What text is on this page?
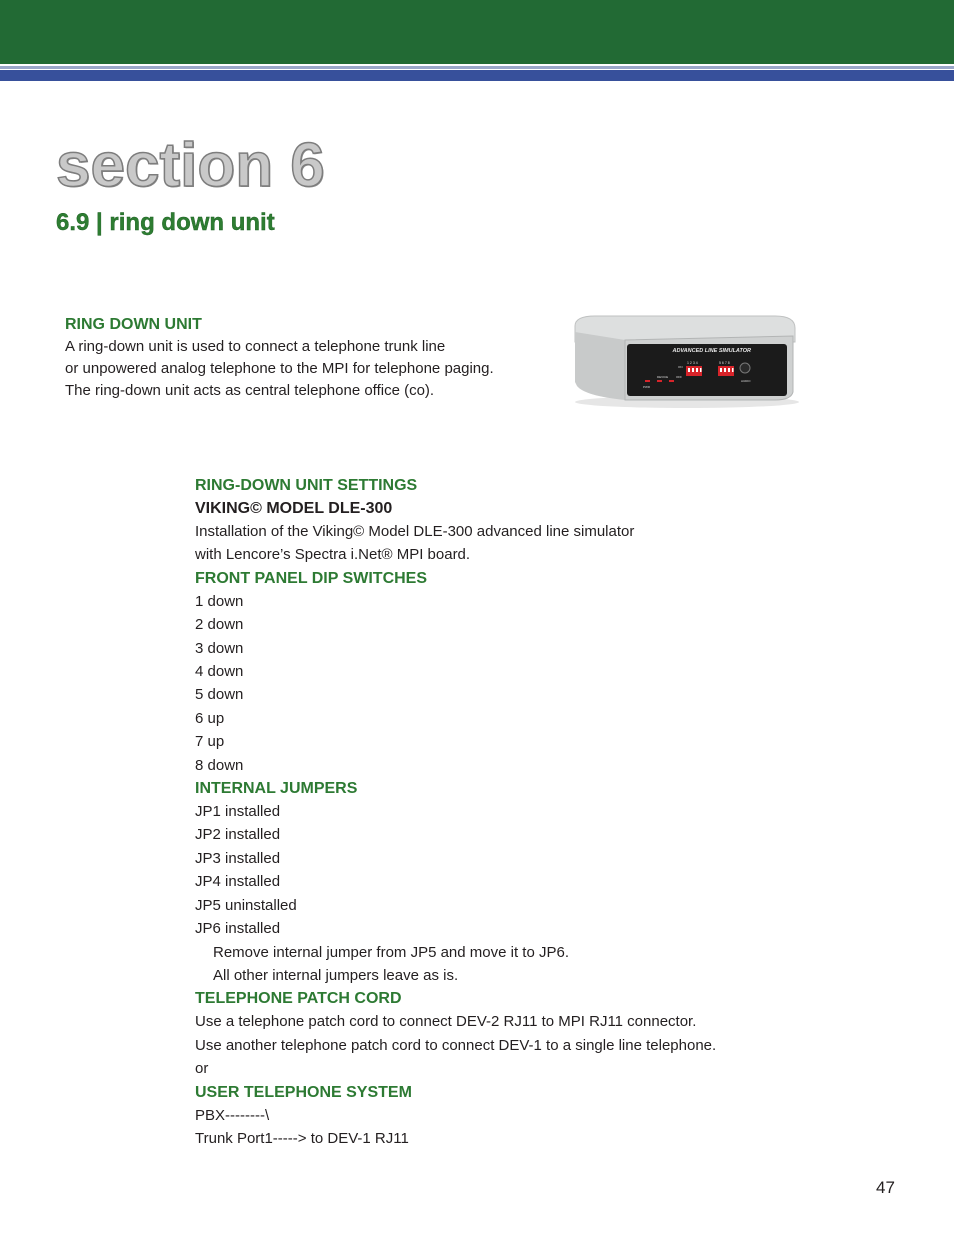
section 6
6.9 | ring down unit

RING DOWN UNIT

A ring-down unit is used to connect a telephone trunk line

or unpowered analog telephone to the MPI for telephone paging.

The ring-down unit acts as central telephone office (co).

ADVANCED LINE SIMULATOR
1 2 3 4	5 6 7 8
ON
OFF
AUDIO
DEVICE
PWR

RING-DOWN UNIT SETTINGS

VIKING© MODEL DLE-300

Installation of the Viking© Model DLE-300 advanced line simulator

with Lencore’s Spectra i.Net® MPI board.

FRONT PANEL DIP SWITCHES

1 down

2 down

3 down

4 down

5 down

6 up

7 up

8 down

INTERNAL JUMPERS

JP1 installed

JP2 installed

JP3 installed

JP4 installed

JP5 uninstalled

JP6 installed

Remove internal jumper from JP5 and move it to JP6.

All other internal jumpers leave as is.

TELEPHONE PATCH CORD

Use a telephone patch cord to connect DEV-2 RJ11 to MPI RJ11 connector.

Use another telephone patch cord to connect DEV-1 to a single line telephone.

or

USER TELEPHONE SYSTEM

PBX--------\

Trunk Port1-----> to DEV-1 RJ11

47
